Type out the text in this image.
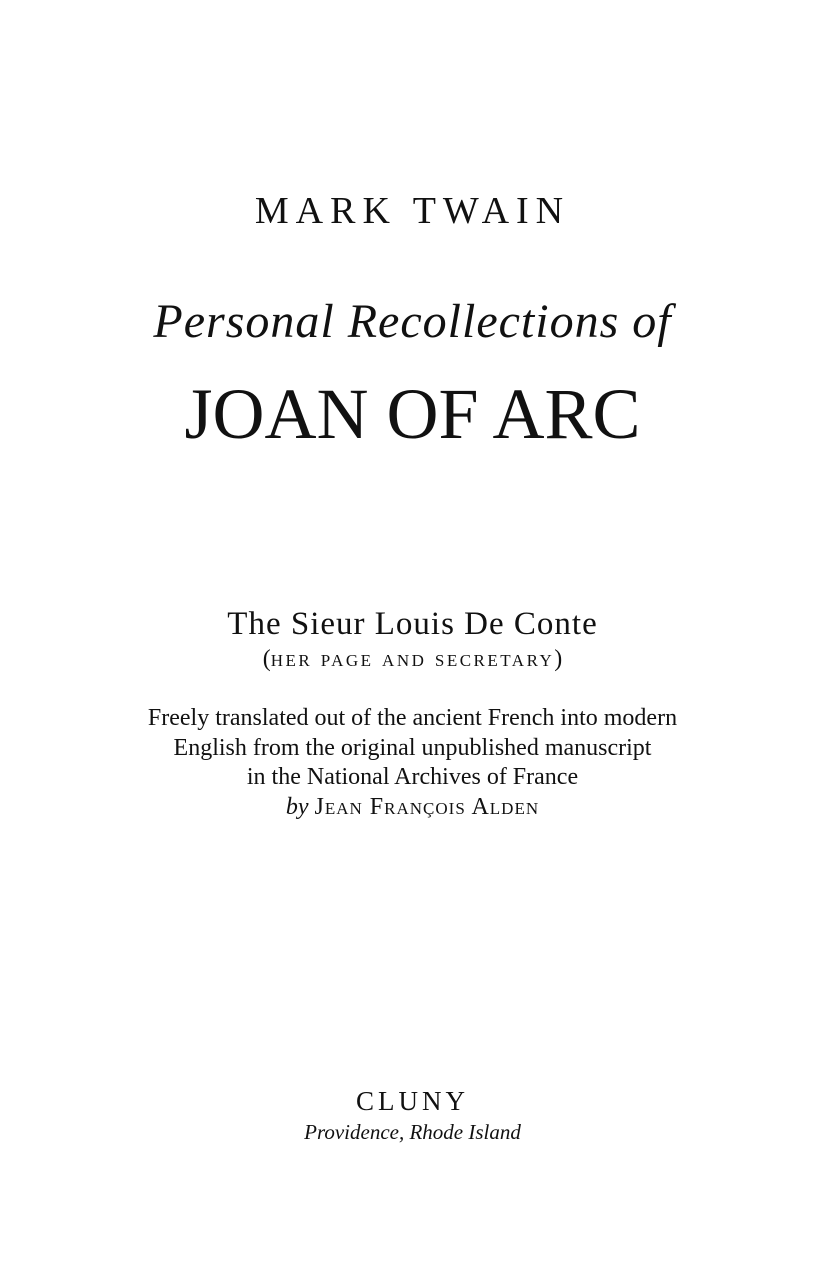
MARK TWAIN
Personal Recollections of
JOAN OF ARC
The Sieur Louis De Conte
(her page and secretary)
Freely translated out of the ancient French into modern
English from the original unpublished manuscript
in the National Archives of France
by Jean François Alden
CLUNY
Providence, Rhode Island
